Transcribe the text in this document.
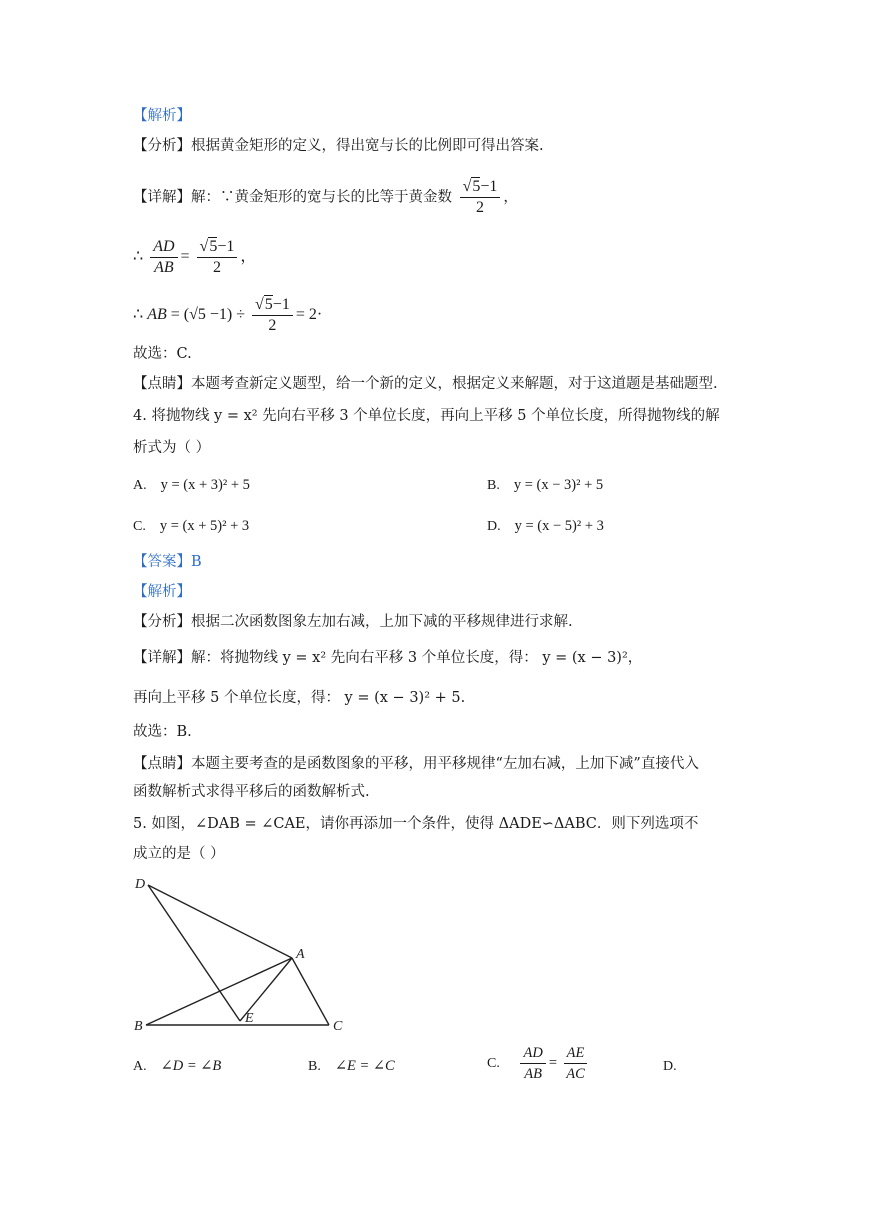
【解析】
【分析】根据黄金矩形的定义，得出宽与长的比例即可得出答案.
【详解】解：∵黄金矩形的宽与长的比等于黄金数 $\frac{√5-1}{2}$ ，
∴ $\frac{AD}{AB} = \frac{√5-1}{2}$ ，
∴ AB = $(√5 -1) \div \frac{√5-1}{2} = 2\cdot$
故选：C.
【点睛】本题考查新定义题型，给一个新的定义，根据定义来解题，对于这道题是基础题型.
4. 将抛物线 y = x² 先向右平移 3 个单位长度，再向上平移 5 个单位长度，所得抛物线的解
析式为（ ）
A. y = (x + 3)² + 5	B. y = (x − 3)² + 5
C. y = (x + 5)² + 3	D. y = (x − 5)² + 3
【答案】B
【解析】
【分析】根据二次函数图象左加右减，上加下减的平移规律进行求解.
【详解】解：将抛物线 y = x² 先向右平移 3 个单位长度，得： y = (x − 3)²，
再向上平移 5 个单位长度，得： y = (x − 3)² + 5.
故选：B.
【点睛】本题主要考查的是函数图象的平移，用平移规律“左加右减，上加下减”直接代入
函数解析式求得平移后的函数解析式.
5. 如图，∠DAB = ∠CAE，请你再添加一个条件，使得 ΔADE∽ΔABC．则下列选项不
成立的是（ ）
D
A
B
E
C
A. ∠D = ∠B	B. ∠E = ∠C	C. $\frac{AD}{AB} = \frac{AE}{AC}$	D.
